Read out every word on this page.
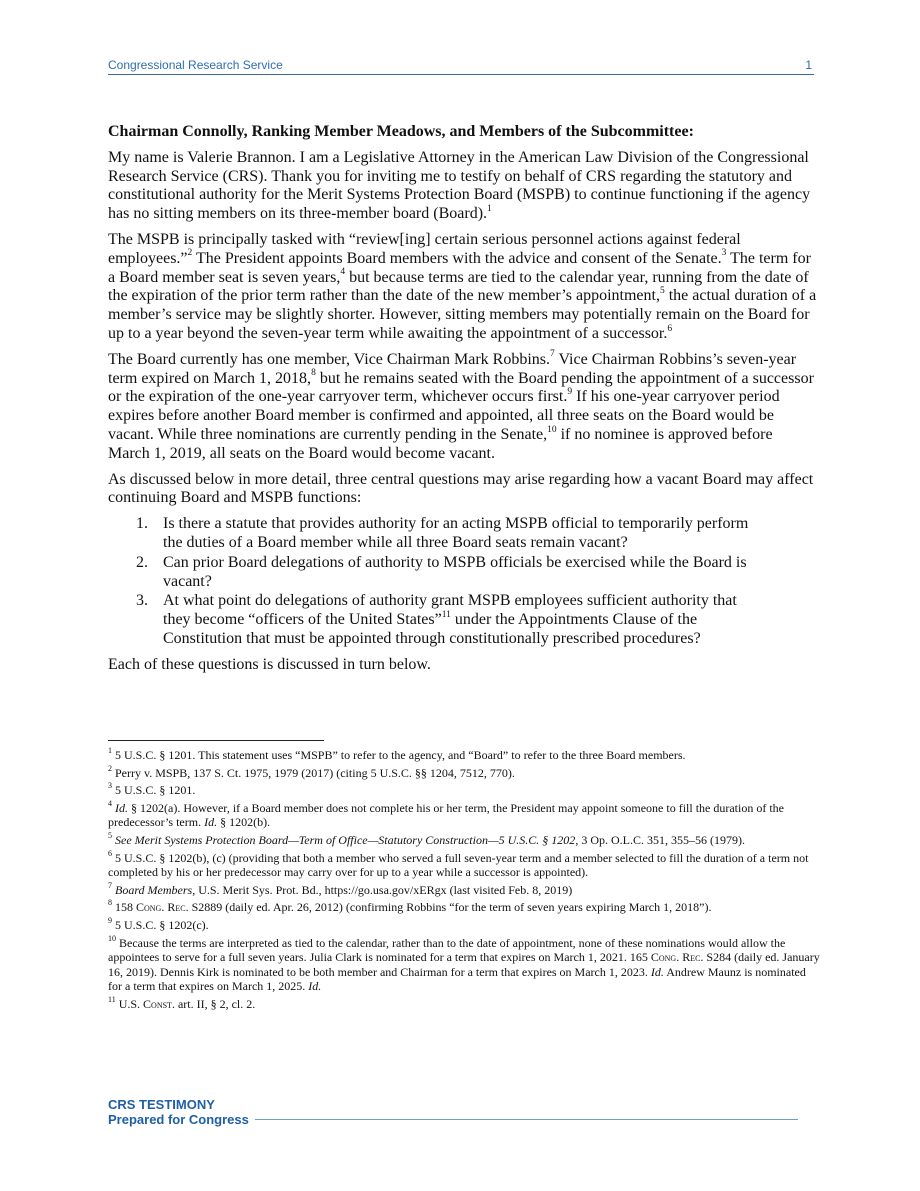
Congressional Research Service	1
Chairman Connolly, Ranking Member Meadows, and Members of the Subcommittee:

My name is Valerie Brannon. I am a Legislative Attorney in the American Law Division of the Congressional Research Service (CRS). Thank you for inviting me to testify on behalf of CRS regarding the statutory and constitutional authority for the Merit Systems Protection Board (MSPB) to continue functioning if the agency has no sitting members on its three-member board (Board).$^1$

The MSPB is principally tasked with “review[ing] certain serious personnel actions against federal employees.”$^2$ The President appoints Board members with the advice and consent of the Senate.$^3$ The term for a Board member seat is seven years,$^4$ but because terms are tied to the calendar year, running from the date of the expiration of the prior term rather than the date of the new member’s appointment,$^5$ the actual duration of a member’s service may be slightly shorter. However, sitting members may potentially remain on the Board for up to a year beyond the seven-year term while awaiting the appointment of a successor.$^6$

The Board currently has one member, Vice Chairman Mark Robbins.$^7$ Vice Chairman Robbins’s seven-year term expired on March 1, 2018,$^8$ but he remains seated with the Board pending the appointment of a successor or the expiration of the one-year carryover term, whichever occurs first.$^9$ If his one-year carryover period expires before another Board member is confirmed and appointed, all three seats on the Board would be vacant. While three nominations are currently pending in the Senate,$^{10}$ if no nominee is approved before March 1, 2019, all seats on the Board would become vacant.

As discussed below in more detail, three central questions may arise regarding how a vacant Board may affect continuing Board and MSPB functions:

1. Is there a statute that provides authority for an acting MSPB official to temporarily perform the duties of a Board member while all three Board seats remain vacant?
2. Can prior Board delegations of authority to MSPB officials be exercised while the Board is vacant?
3. At what point do delegations of authority grant MSPB employees sufficient authority that they become “officers of the United States”$^{11}$ under the Appointments Clause of the Constitution that must be appointed through constitutionally prescribed procedures?

Each of these questions is discussed in turn below.

$^1$ 5 U.S.C. § 1201. This statement uses “MSPB” to refer to the agency, and “Board” to refer to the three Board members.
$^2$ Perry v. MSPB, 137 S. Ct. 1975, 1979 (2017) (citing 5 U.S.C. §§ 1204, 7512, 770).
$^3$ 5 U.S.C. § 1201.
$^4$ Id. § 1202(a). However, if a Board member does not complete his or her term, the President may appoint someone to fill the duration of the predecessor’s term. Id. § 1202(b).
$^5$ See Merit Systems Protection Board—Term of Office—Statutory Construction—5 U.S.C. § 1202, 3 Op. O.L.C. 351, 355–56 (1979).
$^6$ 5 U.S.C. § 1202(b), (c) (providing that both a member who served a full seven-year term and a member selected to fill the duration of a term not completed by his or her predecessor may carry over for up to a year while a successor is appointed).
$^7$ Board Members, U.S. Merit Sys. Prot. Bd., https://go.usa.gov/xERgx (last visited Feb. 8, 2019)
$^8$ 158 Cong. Rec. S2889 (daily ed. Apr. 26, 2012) (confirming Robbins “for the term of seven years expiring March 1, 2018”).
$^9$ 5 U.S.C. § 1202(c).
$^{10}$ Because the terms are interpreted as tied to the calendar, rather than to the date of appointment, none of these nominations would allow the appointees to serve for a full seven years. Julia Clark is nominated for a term that expires on March 1, 2021. 165 Cong. Rec. S284 (daily ed. January 16, 2019). Dennis Kirk is nominated to be both member and Chairman for a term that expires on March 1, 2023. Id. Andrew Maunz is nominated for a term that expires on March 1, 2025. Id.
$^{11}$ U.S. Const. art. II, § 2, cl. 2.
CRS TESTIMONY
Prepared for Congress
